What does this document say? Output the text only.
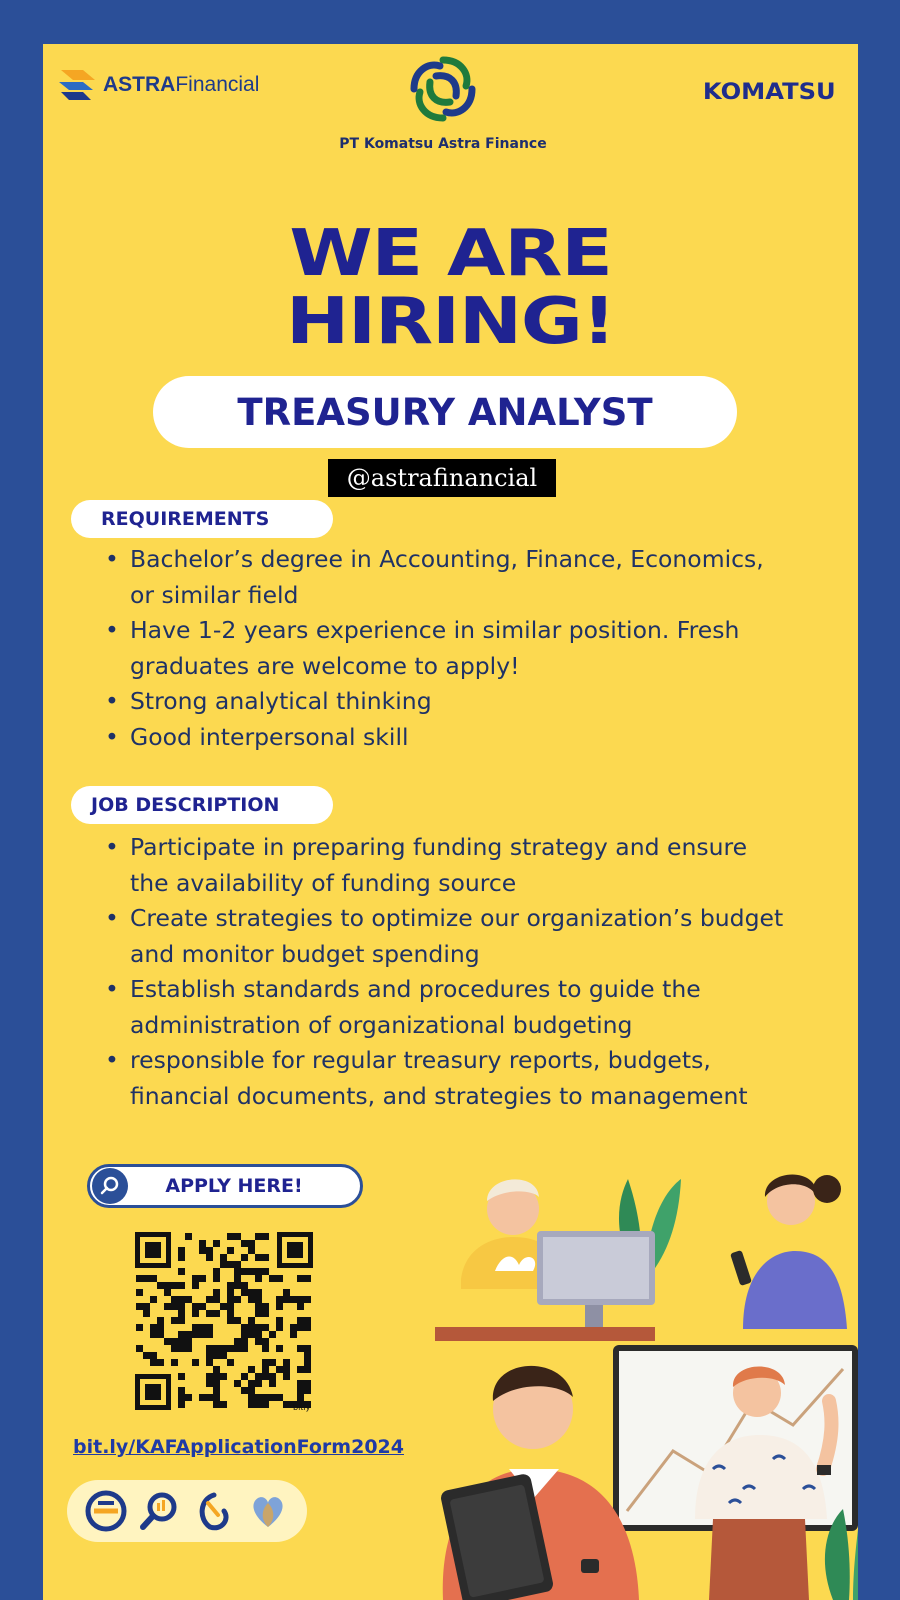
ASTRAFinancial
PT Komatsu Astra Finance
KOMATSU
WE ARE
HIRING!
TREASURY ANALYST
@astrafinancial
REQUIREMENTS
• Bachelor’s degree in Accounting, Finance, Economics, or similar field
• Have 1-2 years experience in similar position. Fresh graduates are welcome to apply!
• Strong analytical thinking
• Good interpersonal skill
JOB DESCRIPTION
• Participate in preparing funding strategy and ensure the availability of funding source
• Create strategies to optimize our organization’s budget and monitor budget spending
• Establish standards and procedures to guide the administration of organizational budgeting
• responsible for regular treasury reports, budgets, financial documents, and strategies to management
APPLY HERE!
bitly
bit.ly/KAFApplicationForm2024
